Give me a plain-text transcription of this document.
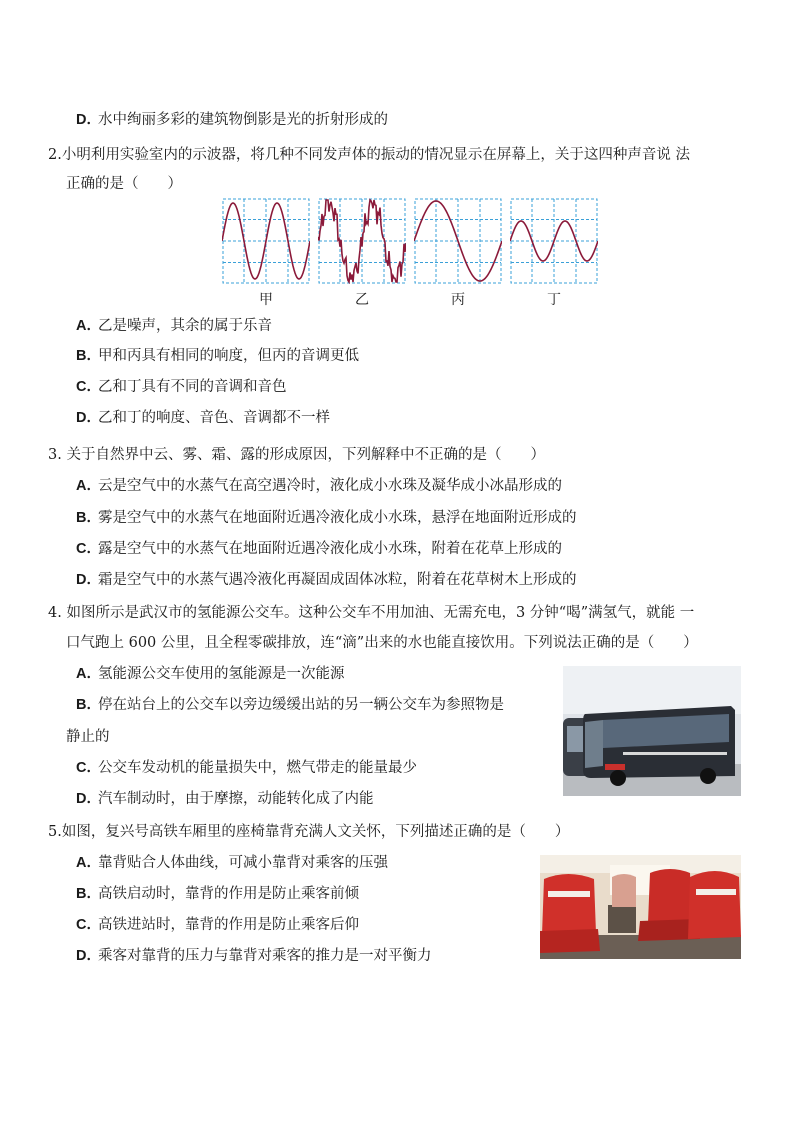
D．水中绚丽多彩的建筑物倒影是光的折射形成的
2.小明利用实验室内的示波器，将几种不同发声体的振动的情况显示在屏幕上，关于这四种声音说 法
正确的是（　　）
甲	乙	丙	丁
A．乙是噪声，其余的属于乐音
B．甲和丙具有相同的响度，但丙的音调更低
C．乙和丁具有不同的音调和音色
D．乙和丁的响度、音色、音调都不一样
3. 关于自然界中云、雾、霜、露的形成原因，下列解释中不正确的是（　　）
A．云是空气中的水蒸气在高空遇冷时，液化成小水珠及凝华成小冰晶形成的
B．雾是空气中的水蒸气在地面附近遇冷液化成小水珠，悬浮在地面附近形成的
C．露是空气中的水蒸气在地面附近遇冷液化成小水珠，附着在花草上形成的
D．霜是空气中的水蒸气遇冷液化再凝固成固体冰粒，附着在花草树木上形成的
4. 如图所示是武汉市的氢能源公交车。这种公交车不用加油、无需充电，3 分钟“喝”满氢气，就能 一
口气跑上 600 公里，且全程零碳排放，连“滴”出来的水也能直接饮用。下列说法正确的是（　　）
A．氢能源公交车使用的氢能源是一次能源
B．停在站台上的公交车以旁边缓缓出站的另一辆公交车为参照物是
静止的
C．公交车发动机的能量损失中，燃气带走的能量最少
D．汽车制动时，由于摩擦，动能转化成了内能
5.如图，复兴号高铁车厢里的座椅靠背充满人文关怀，下列描述正确的是（　　）
A．靠背贴合人体曲线，可减小靠背对乘客的压强
B．高铁启动时，靠背的作用是防止乘客前倾
C．高铁进站时，靠背的作用是防止乘客后仰
D．乘客对靠背的压力与靠背对乘客的推力是一对平衡力
